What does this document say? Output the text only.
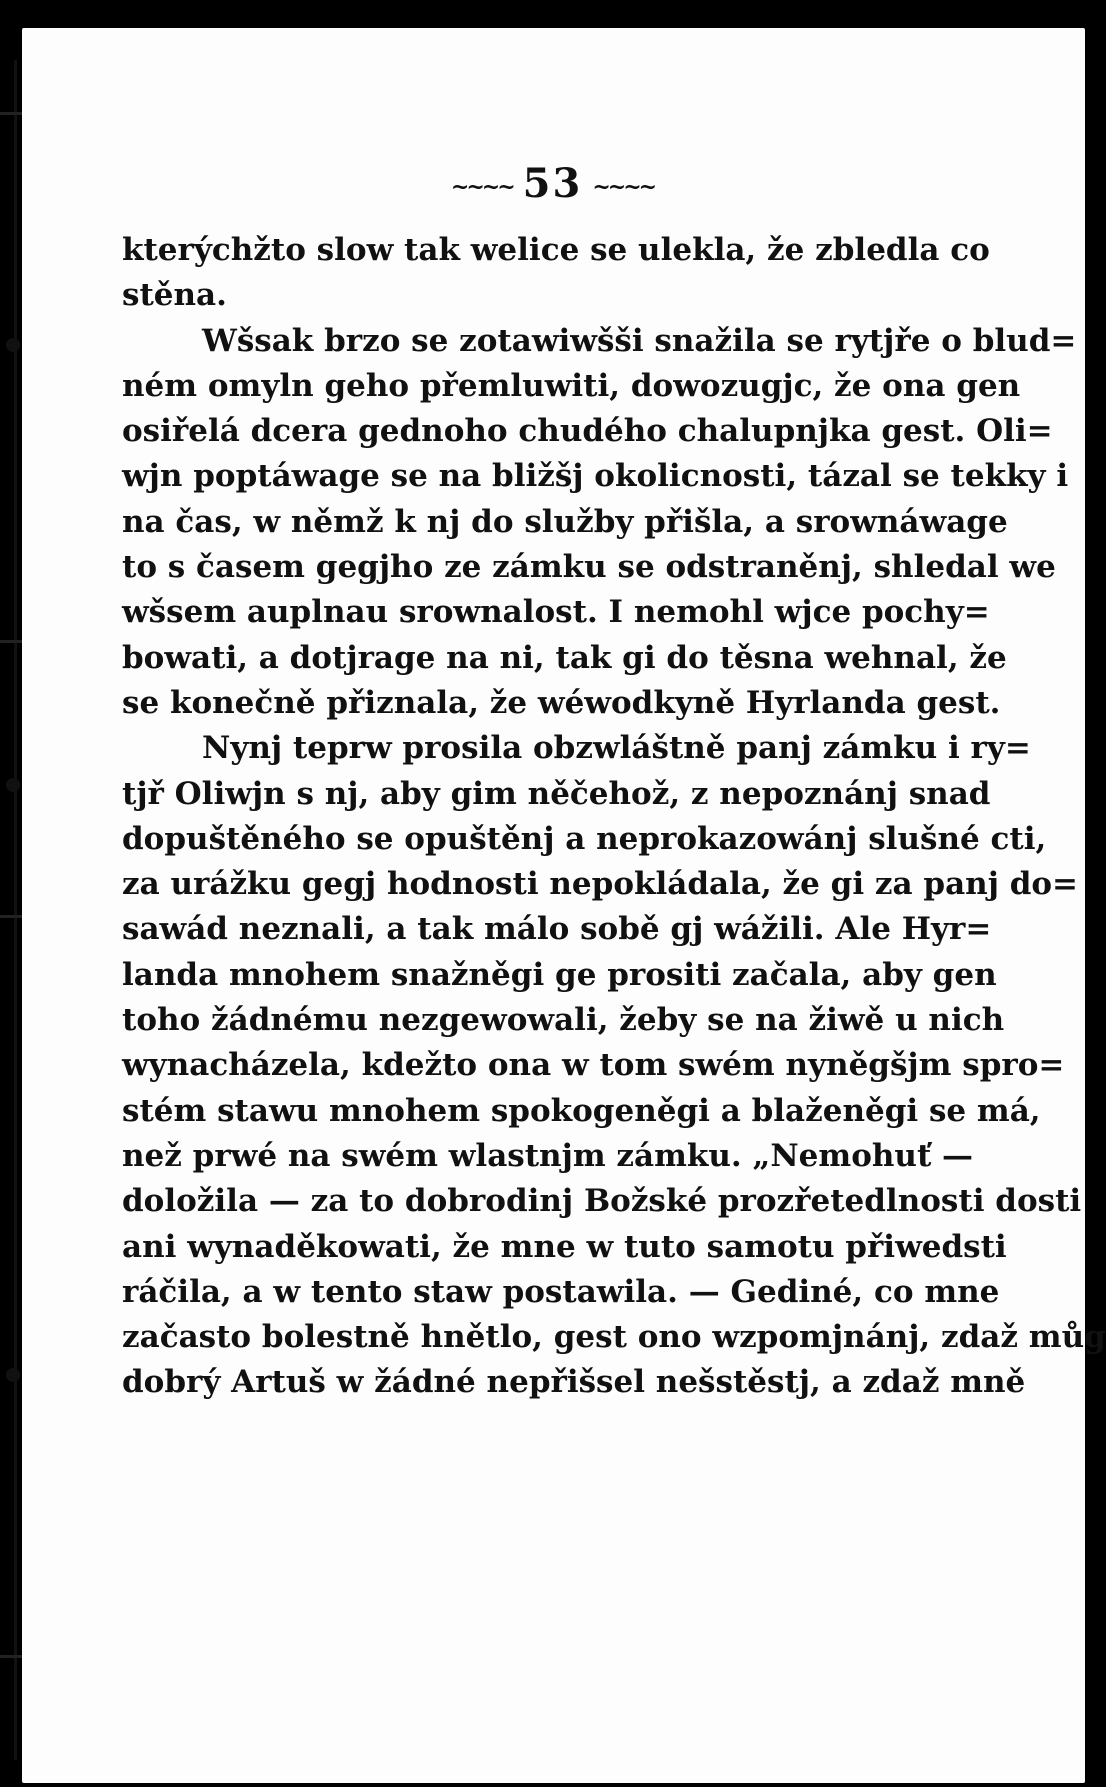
~~~~ 53 ~~~~
kterýchžto slow tak welice se ulekla, že zbledla co
stěna.
Wšsak brzo se zotawiwšši snažila se rytjře o blud=
ném omyln geho přemluwiti, dowozugjc, že ona gen
osiřelá dcera gednoho chudého chalupnjka gest. Oli=
wjn poptáwage se na bližšj okolicnosti, tázal se tekky i
na čas, w němž k nj do služby přišla, a srownáwage
to s časem gegjho ze zámku se odstraněnj, shledal we
wšsem auplnau srownalost. I nemohl wjce pochy=
bowati, a dotjrage na ni, tak gi do těsna wehnal, že
se konečně přiznala, že wéwodkyně Hyrlanda gest.
Nynj teprw prosila obzwláštně panj zámku i ry=
tjř Oliwjn s nj, aby gim něčehož, z nepoznánj snad
dopuštěného se opuštěnj a neprokazowánj slušné cti,
za urážku gegj hodnosti nepokládala, že gi za panj do=
sawád neznali, a tak málo sobě gj wážili. Ale Hyr=
landa mnohem snažněgi ge prositi začala, aby gen
toho žádnému nezgewowali, žeby se na žiwě u nich
wynacházela, kdežto ona w tom swém nyněgšjm spro=
stém stawu mnohem spokogeněgi a blaženěgi se má,
než prwé na swém wlastnjm zámku. „Nemohuť —
doložila — za to dobrodinj Božské prozřetedlnosti dosti
ani wynaděkowati, že mne w tuto samotu přiwedsti
ráčila, a w tento staw postawila. — Gediné, co mne
začasto bolestně hnětlo, gest ono wzpomjnánj, zdaž můg
dobrý Artuš w žádné nepřišsel nešstěstj, a zdaž mně
